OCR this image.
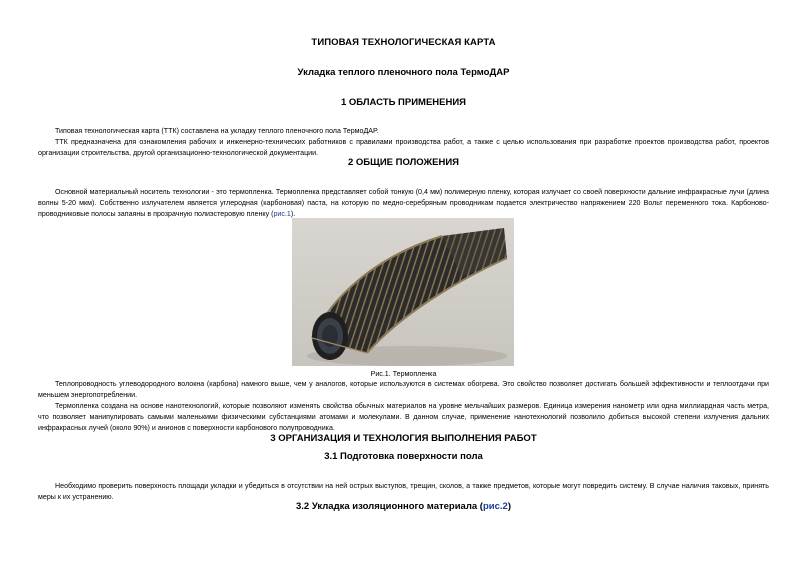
ТИПОВАЯ ТЕХНОЛОГИЧЕСКАЯ КАРТА
Укладка теплого пленочного пола ТермоДАР
1 ОБЛАСТЬ ПРИМЕНЕНИЯ
Типовая технологическая карта (ТТК) составлена на укладку теплого пленочного пола ТермоДАР.
ТТК предназначена для ознакомления рабочих и инженерно-технических работников с правилами производства работ, а также с целью использования при разработке проектов производства работ, проектов организации строительства, другой организационно-технологической документации.
2 ОБЩИЕ ПОЛОЖЕНИЯ
Основной материальный носитель технологии - это термопленка. Термопленка представляет собой тонкую (0,4 мм) полимерную пленку, которая излучает со своей поверхности дальние инфракрасные лучи (длина волны 5-20 мкм). Собственно излучателем является углеродная (карбоновая) паста, на которую по медно-серебряным проводникам подается электричество напряжением 220 Вольт переменного тока. Карбоново-проводниковые полосы запаяны в прозрачную полиэстеровую пленку (рис.1).
Рис.1. Термопленка
Теплопроводность углеводородного волокна (карбона) намного выше, чем у аналогов, которые используются в системах обогрева. Это свойство позволяет достигать большей эффективности и теплоотдачи при меньшем энергопотреблении.
Термопленка создана на основе нанотехнологий, которые позволяют изменять свойства обычных материалов на уровне мельчайших размеров. Единица измерения нанометр или одна миллиардная часть метра, что позволяет манипулировать самыми маленькими физическими субстанциями атомами и молекулами. В данном случае, применение нанотехнологий позволило добиться высокой степени излучения дальних инфракрасных лучей (около 90%) и анионов с поверхности карбонового полупроводника.
3 ОРГАНИЗАЦИЯ И ТЕХНОЛОГИЯ ВЫПОЛНЕНИЯ РАБОТ
3.1 Подготовка поверхности пола
Необходимо проверить поверхность площади укладки и убедиться в отсутствии на ней острых выступов, трещин, сколов, а также предметов, которые могут повредить систему. В случае наличия таковых, принять меры к их устранению.
3.2 Укладка изоляционного материала (рис.2)
